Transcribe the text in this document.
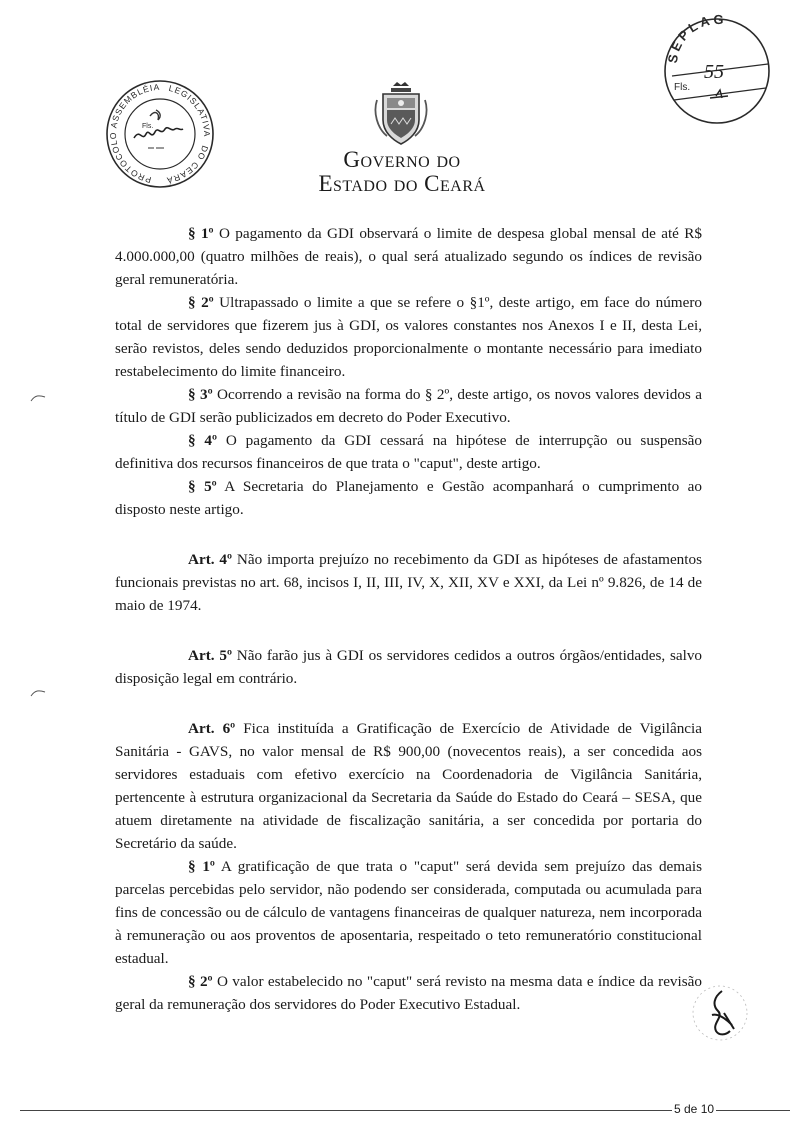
ASSEMBLÉIA LEGISLATIVA
DO CEARÁ
PROTOCOLO
Fls.
SEPLAG
Fls.
55
Governo do
Estado do Ceará

§ 1º O pagamento da GDI observará o limite de despesa global mensal de até R$ 4.000.000,00 (quatro milhões de reais), o qual será atualizado segundo os índices de revisão geral remuneratória.

§ 2º Ultrapassado o limite a que se refere o §1º, deste artigo, em face do número total de servidores que fizerem jus à GDI, os valores constantes nos Anexos I e II, desta Lei, serão revistos, deles sendo deduzidos proporcionalmente o montante necessário para imediato restabelecimento do limite financeiro.

§ 3º Ocorrendo a revisão na forma do § 2º, deste artigo, os novos valores devidos a título de GDI serão publicizados em decreto do Poder Executivo.

§ 4º O pagamento da GDI cessará na hipótese de interrupção ou suspensão definitiva dos recursos financeiros de que trata o "caput", deste artigo.

§ 5º A Secretaria do Planejamento e Gestão acompanhará o cumprimento ao disposto neste artigo.

Art. 4º Não importa prejuízo no recebimento da GDI as hipóteses de afastamentos funcionais previstas no art. 68, incisos I, II, III, IV, X, XII, XV e XXI, da Lei nº 9.826, de 14 de maio de 1974.

Art. 5º Não farão jus à GDI os servidores cedidos a outros órgãos/entidades, salvo disposição legal em contrário.

Art. 6º Fica instituída a Gratificação de Exercício de Atividade de Vigilância Sanitária - GAVS, no valor mensal de R$ 900,00 (novecentos reais), a ser concedida aos servidores estaduais com efetivo exercício na Coordenadoria de Vigilância Sanitária, pertencente à estrutura organizacional da Secretaria da Saúde do Estado do Ceará – SESA, que atuem diretamente na atividade de fiscalização sanitária, a ser concedida por portaria do Secretário da saúde.

§ 1º A gratificação de que trata o "caput" será devida sem prejuízo das demais parcelas percebidas pelo servidor, não podendo ser considerada, computada ou acumulada para fins de concessão ou de cálculo de vantagens financeiras de qualquer natureza, nem incorporada à remuneração ou aos proventos de aposentaria, respeitado o teto remuneratório constitucional estadual.

§ 2º O valor estabelecido no "caput" será revisto na mesma data e índice da revisão geral da remuneração dos servidores do Poder Executivo Estadual.

5 de 10
